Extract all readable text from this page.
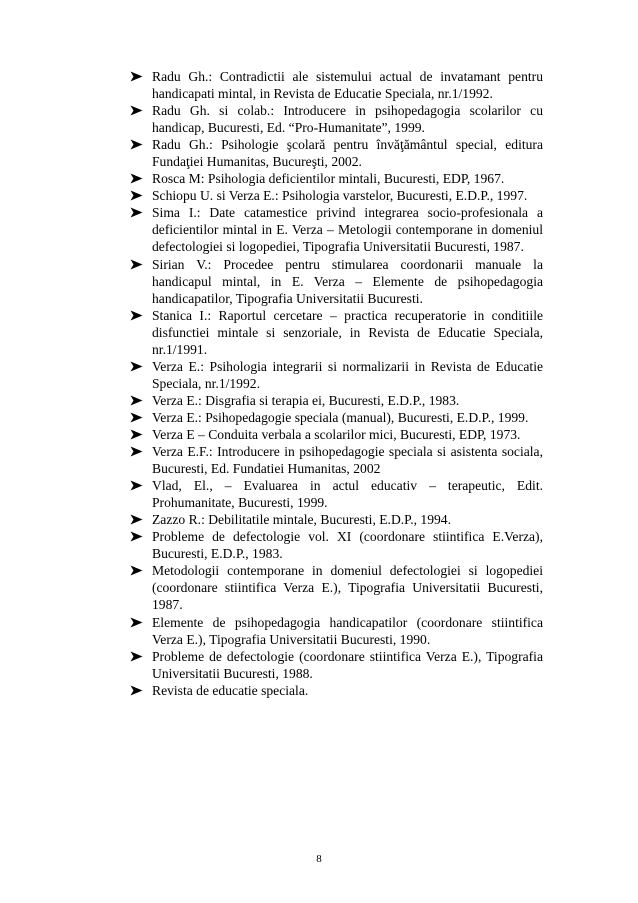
Radu Gh.: Contradictii ale sistemului actual de invatamant pentru handicapati mintal, in Revista de Educatie Speciala, nr.1/1992.
Radu Gh. si colab.: Introducere in psihopedagogia scolarilor cu handicap, Bucuresti, Ed. “Pro-Humanitate”, 1999.
Radu Gh.: Psihologie şcolară pentru învăţământul special, editura Fundaţiei Humanitas, Bucureşti, 2002.
Rosca M: Psihologia deficientilor mintali, Bucuresti, EDP, 1967.
Schiopu U. si Verza E.: Psihologia varstelor, Bucuresti, E.D.P., 1997.
Sima I.: Date catamestice privind integrarea socio-profesionala a deficientilor mintal in E. Verza – Metologii contemporane in domeniul defectologiei si logopediei, Tipografia Universitatii Bucuresti, 1987.
Sirian V.: Procedee pentru stimularea coordonarii manuale la handicapul mintal, in E. Verza – Elemente de psihopedagogia handicapatilor, Tipografia Universitatii Bucuresti.
Stanica I.: Raportul cercetare – practica recuperatorie in conditiile disfunctiei mintale si senzoriale, in Revista de Educatie Speciala, nr.1/1991.
Verza E.: Psihologia integrarii si normalizarii in Revista de Educatie Speciala, nr.1/1992.
Verza E.: Disgrafia si terapia ei, Bucuresti, E.D.P., 1983.
Verza E.: Psihopedagogie speciala (manual), Bucuresti, E.D.P., 1999.
Verza E – Conduita verbala a scolarilor mici, Bucuresti, EDP, 1973.
Verza E.F.: Introducere in psihopedagogie speciala si asistenta sociala, Bucuresti, Ed. Fundatiei Humanitas, 2002
Vlad, El., – Evaluarea in actul educativ – terapeutic, Edit. Prohumanitate, Bucuresti, 1999.
Zazzo R.: Debilitatile mintale, Bucuresti, E.D.P., 1994.
Probleme de defectologie vol. XI (coordonare stiintifica E.Verza), Bucuresti, E.D.P., 1983.
Metodologii contemporane in domeniul defectologiei si logopediei (coordonare stiintifica Verza E.), Tipografia Universitatii Bucuresti, 1987.
Elemente de psihopedagogia handicapatilor (coordonare stiintifica Verza E.), Tipografia Universitatii Bucuresti, 1990.
Probleme de defectologie (coordonare stiintifica Verza E.), Tipografia Universitatii Bucuresti, 1988.
Revista de educatie speciala.
8
